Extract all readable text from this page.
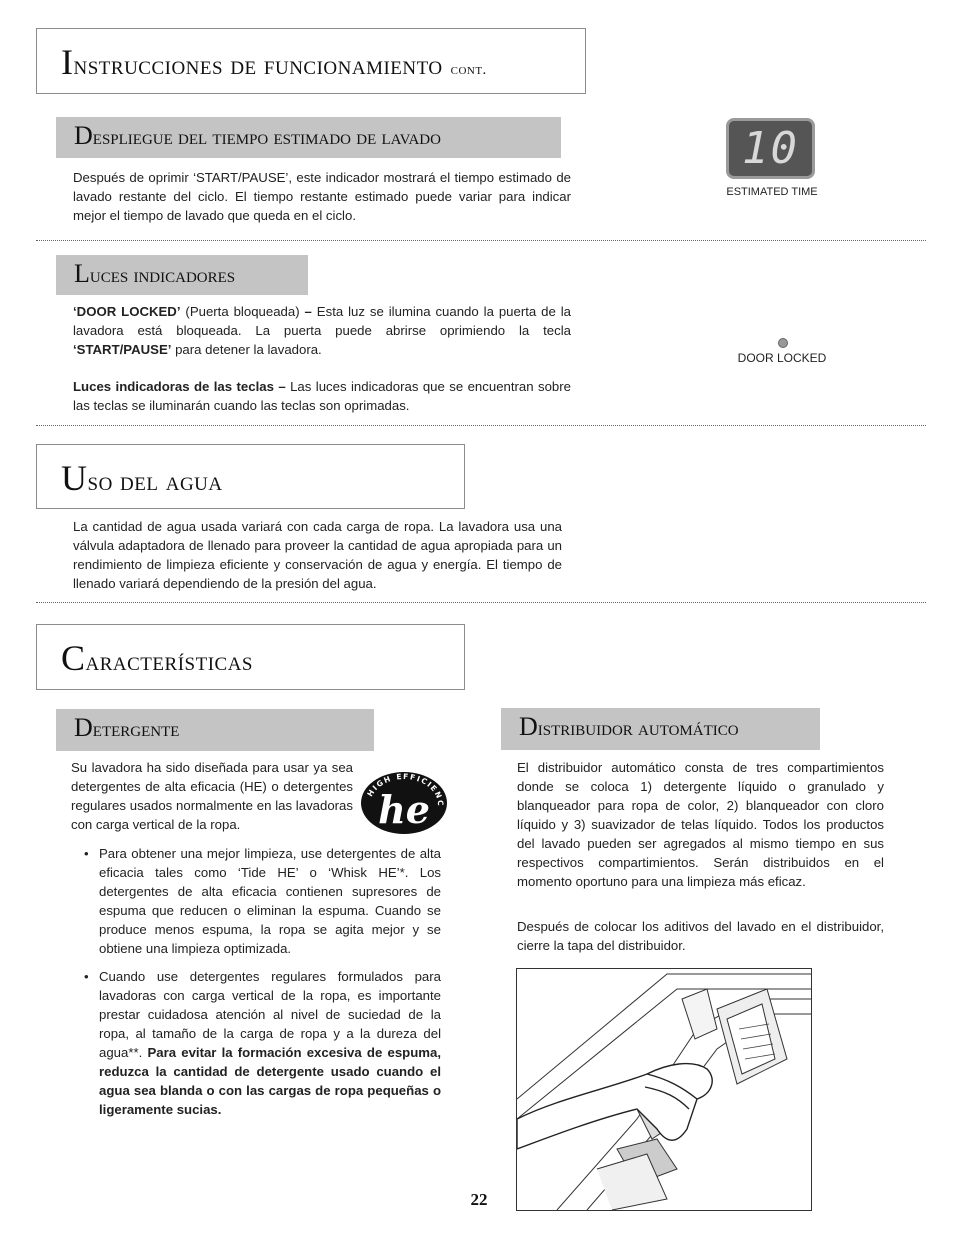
Instrucciones de funcionamiento cont.
Despliegue del tiempo estimado de lavado
Después de oprimir ‘START/PAUSE’, este indicador mostrará el tiempo estimado de lavado restante del ciclo. El tiempo restante estimado puede variar para indicar mejor el tiempo de lavado que queda en el ciclo.
10
ESTIMATED TIME
Luces indicadores
‘DOOR LOCKED’ (Puerta bloqueada) – Esta luz se ilumina cuando la puerta de la lavadora está bloqueada. La puerta puede abrirse oprimiendo la tecla ‘START/PAUSE’ para detener la lavadora.
Luces indicadoras de las teclas – Las luces indicadoras que se encuentran sobre las teclas se iluminarán cuando las teclas son oprimadas.
DOOR LOCKED
Uso del agua
La cantidad de agua usada variará con cada carga de ropa. La lavadora usa una válvula adaptadora de llenado para proveer la cantidad de agua apropiada para un rendimiento de limpieza eficiente y conservación de agua y energía. El tiempo de llenado variará dependiendo de la presión del agua.
Características
Detergente
Su lavadora ha sido diseñada para usar ya sea detergentes de alta eficacia (HE) o detergentes regulares usados normalmente en las lavadoras con carga vertical de la ropa.
HIGH EFFICIENC
he
• Para obtener una mejor limpieza, use detergentes de alta eficacia tales como ‘Tide HE’ o ‘Whisk HE’*. Los detergentes de alta eficacia contienen supresores de espuma que reducen o eliminan la espuma. Cuando se produce menos espuma, la ropa se agita mejor y se obtiene una limpieza optimizada.
• Cuando use detergentes regulares formulados para lavadoras con carga vertical de la ropa, es importante prestar cuidadosa atención al nivel de suciedad de la ropa, al tamaño de la carga de ropa y a la dureza del agua**. Para evitar la formación excesiva de espuma, reduzca la cantidad de detergente usado cuando el agua sea blanda o con las cargas de ropa pequeñas o ligeramente sucias.
Distribuidor automático
El distribuidor automático consta de tres compartimientos donde se coloca 1) detergente líquido o granulado y blanqueador para ropa de color, 2) blanqueador con cloro líquido y 3) suavizador de telas líquido. Todos los productos del lavado pueden ser agregados al mismo tiempo en sus respectivos compartimientos. Serán distribuidos en el momento oportuno para una limpieza más eficaz.
Después de colocar los aditivos del lavado en el distribuidor, cierre la tapa del distribuidor.
22
